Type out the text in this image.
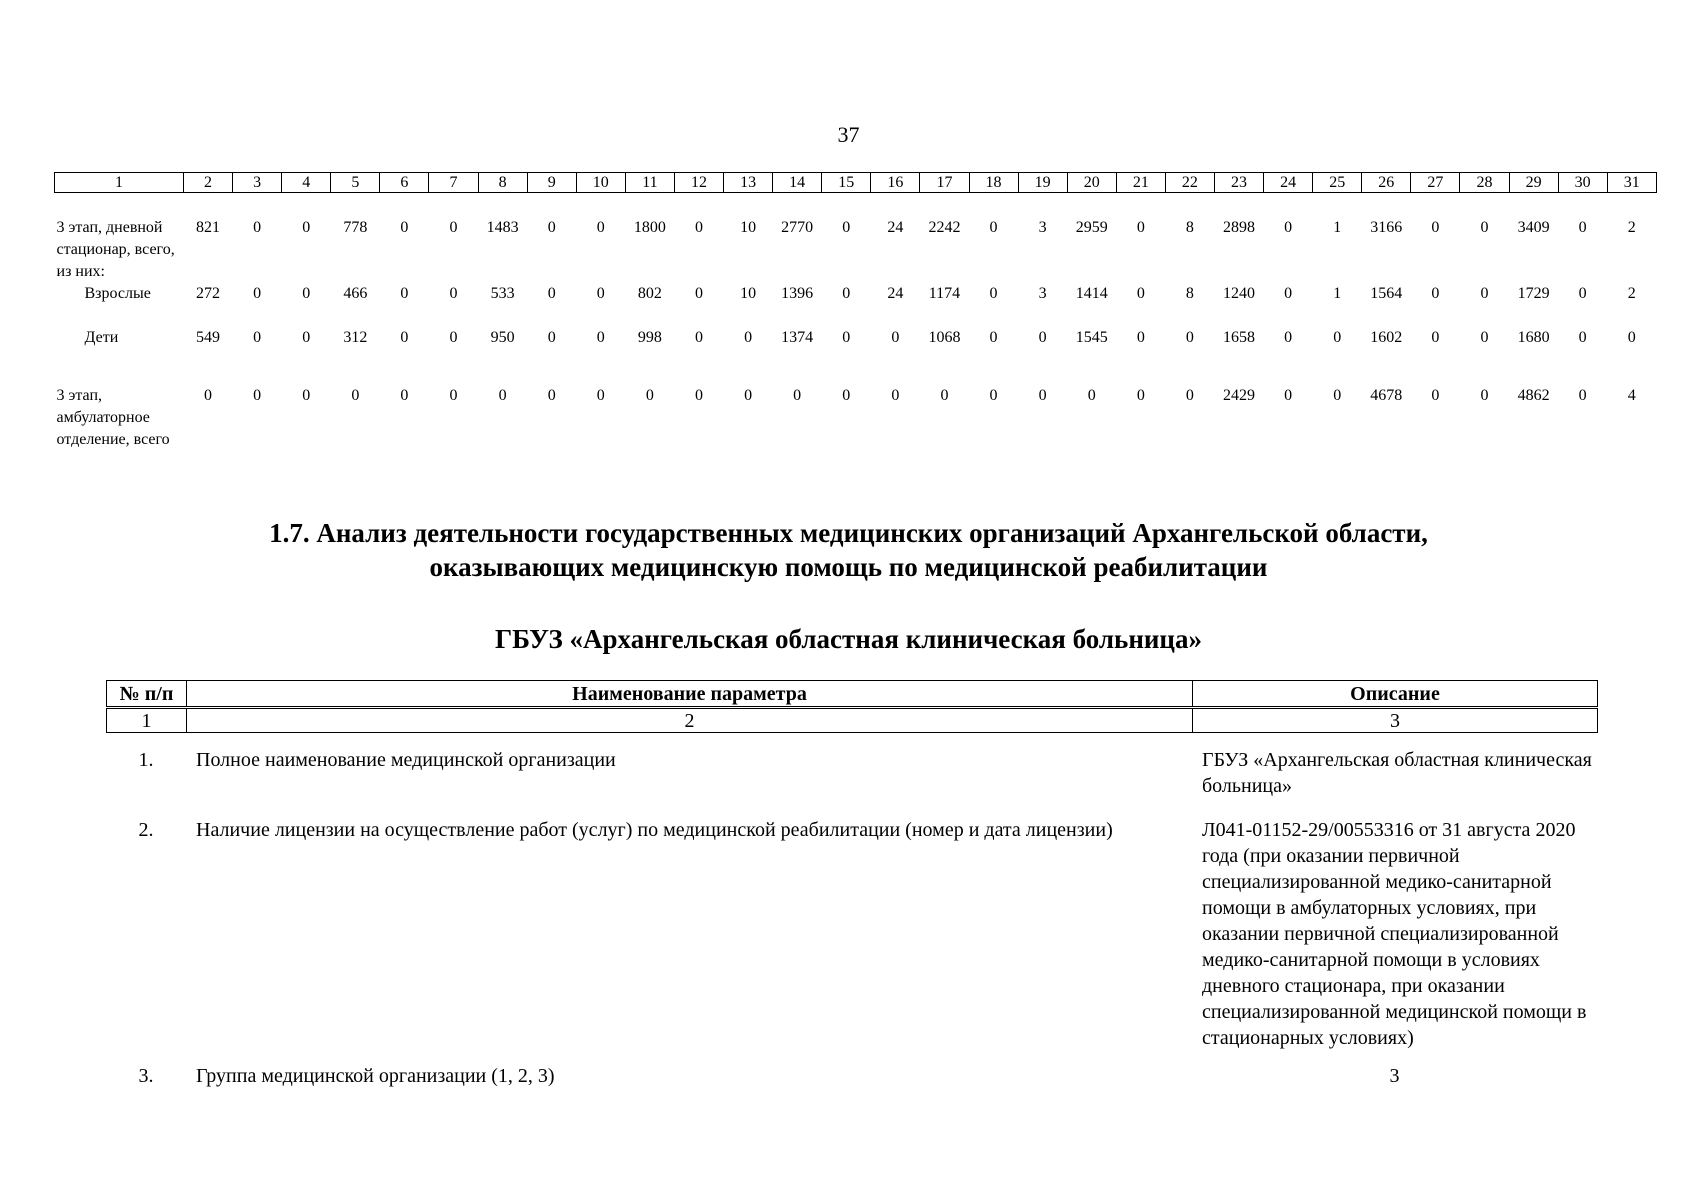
37
1	2	3	4	5	6	7	8	9	10	11	12	13	14	15	16	17	18	19	20	21	22	23	24	25	26	27	28	29	30	31
3 этап, дневной стационар, всего, из них:	821	0	0	778	0	0	1483	0	0	1800	0	10	2770	0	24	2242	0	3	2959	0	8	2898	0	1	3166	0	0	3409	0	2
Взрослые	272	0	0	466	0	0	533	0	0	802	0	10	1396	0	24	1174	0	3	1414	0	8	1240	0	1	1564	0	0	1729	0	2
Дети	549	0	0	312	0	0	950	0	0	998	0	0	1374	0	0	1068	0	0	1545	0	0	1658	0	0	1602	0	0	1680	0	0
3 этап, амбулаторное отделение, всего	0	0	0	0	0	0	0	0	0	0	0	0	0	0	0	0	0	0	0	0	0	2429	0	0	4678	0	0	4862	0	4
1.7. Анализ деятельности государственных медицинских организаций Архангельской области,
оказывающих медицинскую помощь по медицинской реабилитации
ГБУЗ «Архангельская областная клиническая больница»
№ п/п	Наименование параметра	Описание
1	2	3
1.	Полное наименование медицинской организации	ГБУЗ «Архангельская областная клиническая больница»
2.	Наличие лицензии на осуществление работ (услуг) по медицинской реабилитации (номер и дата лицензии)	Л041-01152-29/00553316 от 31 августа 2020 года (при оказании первичной специализированной медико-санитарной помощи в амбулаторных условиях, при оказании первичной специализированной медико-санитарной помощи в условиях дневного стационара, при оказании специализированной медицинской помощи в стационарных условиях)
3.	Группа медицинской организации (1, 2, 3)	3
